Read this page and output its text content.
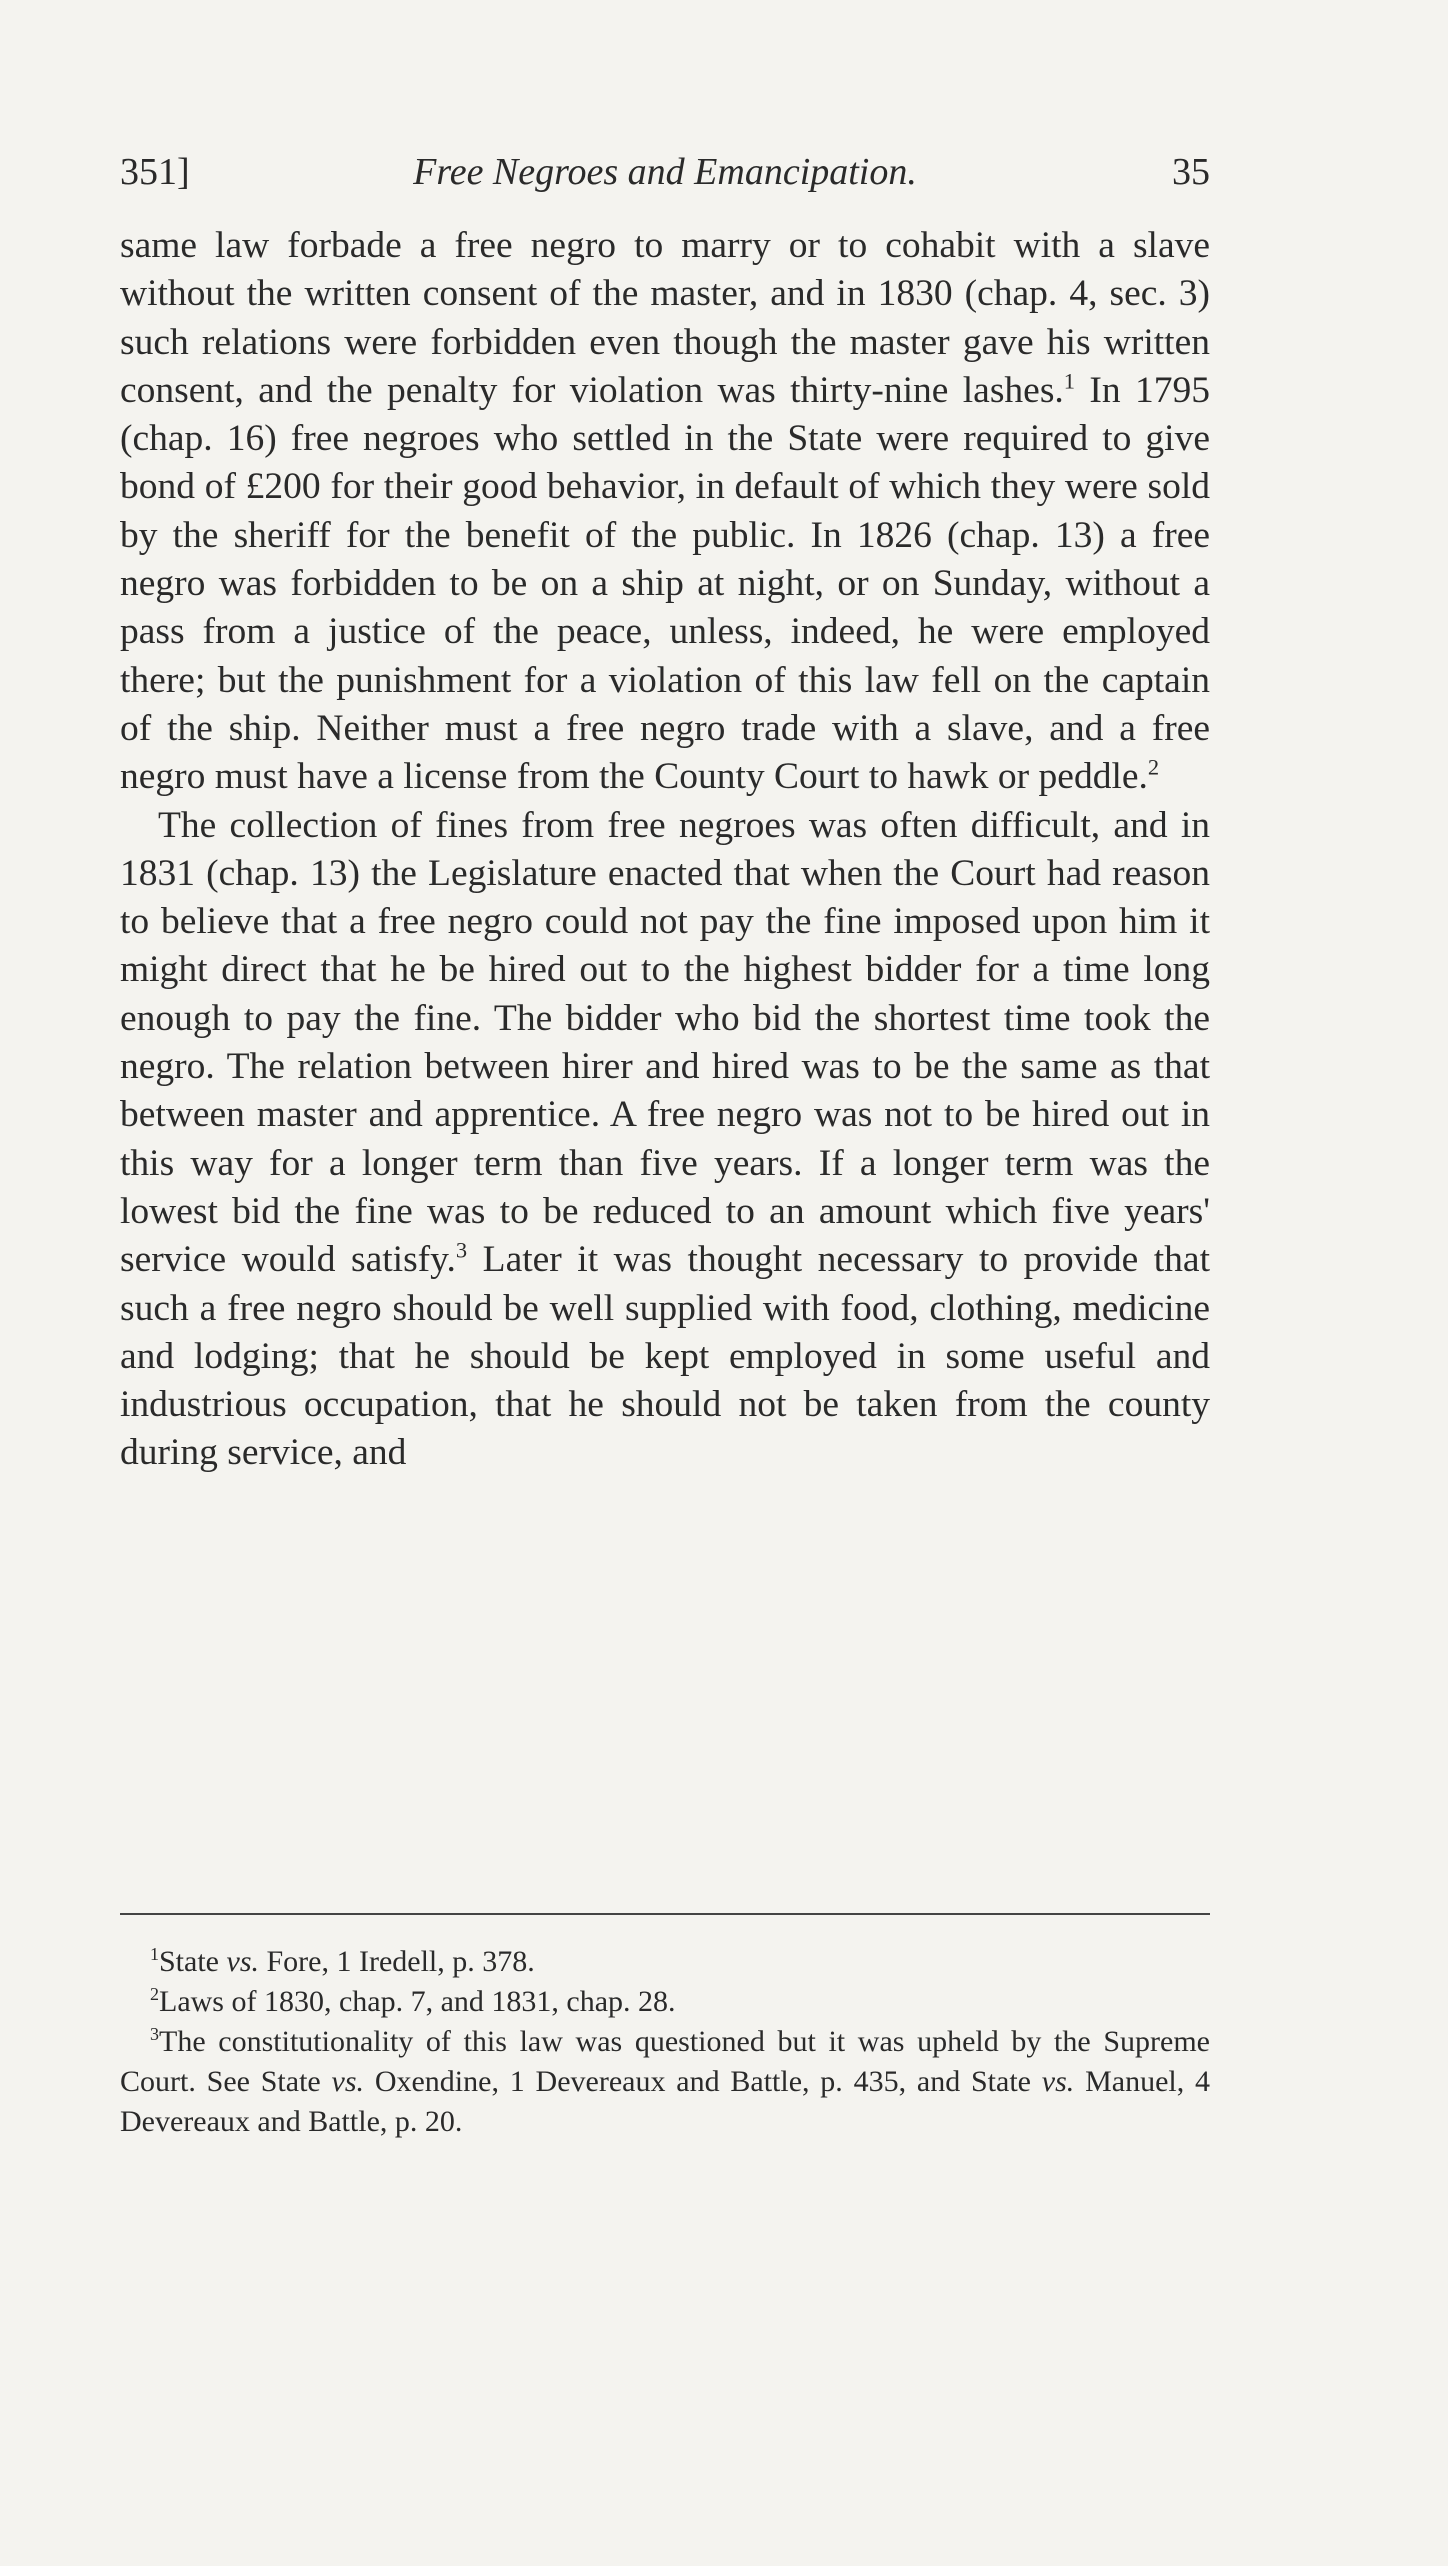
351]	Free Negroes and Emancipation.	35

same law forbade a free negro to marry or to cohabit with a slave without the written consent of the master, and in 1830 (chap. 4, sec. 3) such relations were forbidden even though the master gave his written consent, and the penalty for violation was thirty-nine lashes.$^1$ In 1795 (chap. 16) free negroes who settled in the State were required to give bond of £200 for their good behavior, in default of which they were sold by the sheriff for the benefit of the public. In 1826 (chap. 13) a free negro was forbidden to be on a ship at night, or on Sunday, without a pass from a justice of the peace, unless, indeed, he were employed there; but the punishment for a violation of this law fell on the captain of the ship. Neither must a free negro trade with a slave, and a free negro must have a license from the County Court to hawk or peddle.$^2$

The collection of fines from free negroes was often difficult, and in 1831 (chap. 13) the Legislature enacted that when the Court had reason to believe that a free negro could not pay the fine imposed upon him it might direct that he be hired out to the highest bidder for a time long enough to pay the fine. The bidder who bid the shortest time took the negro. The relation between hirer and hired was to be the same as that between master and apprentice. A free negro was not to be hired out in this way for a longer term than five years. If a longer term was the lowest bid the fine was to be reduced to an amount which five years' service would satisfy.$^3$ Later it was thought necessary to provide that such a free negro should be well supplied with food, clothing, medicine and lodging; that he should be kept employed in some useful and industrious occupation, that he should not be taken from the county during service, and

$^1$State vs. Fore, 1 Iredell, p. 378.

$^2$Laws of 1830, chap. 7, and 1831, chap. 28.

$^3$The constitutionality of this law was questioned but it was upheld by the Supreme Court. See State vs. Oxendine, 1 Devereaux and Battle, p. 435, and State vs. Manuel, 4 Devereaux and Battle, p. 20.
